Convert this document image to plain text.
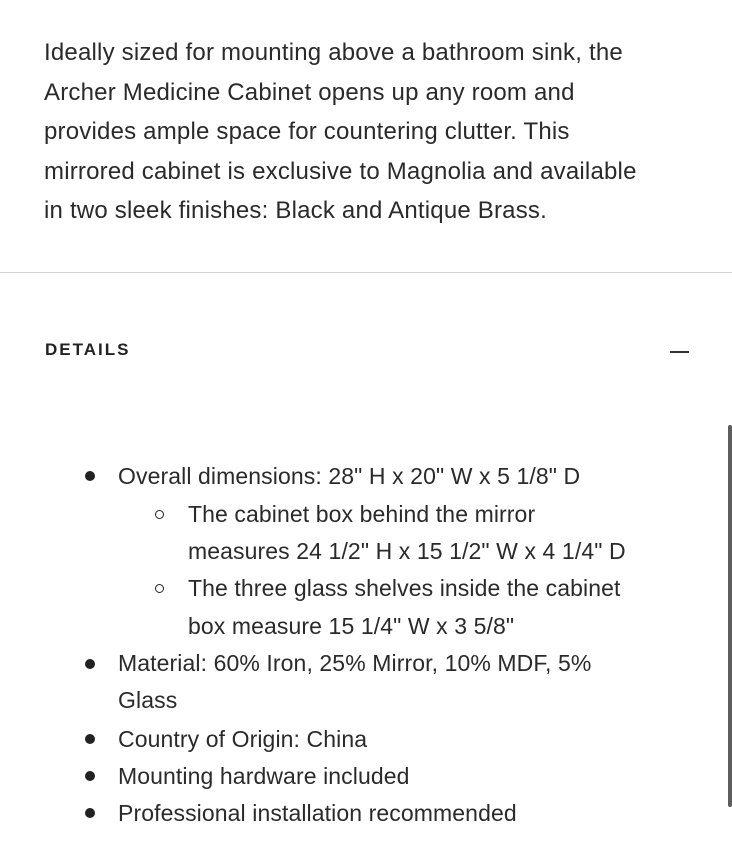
Ideally sized for mounting above a bathroom sink, the
Archer Medicine Cabinet opens up any room and
provides ample space for countering clutter. This
mirrored cabinet is exclusive to Magnolia and available
in two sleek finishes: Black and Antique Brass.

DETAILS
Overall dimensions: 28" H x 20" W x 5 1/8" D
The cabinet box behind the mirror
measures 24 1/2" H x 15 1/2" W x 4 1/4" D
The three glass shelves inside the cabinet
box measure 15 1/4" W x 3 5/8"
Material: 60% Iron, 25% Mirror, 10% MDF, 5%
Glass
Country of Origin: China
Mounting hardware included
Professional installation recommended
